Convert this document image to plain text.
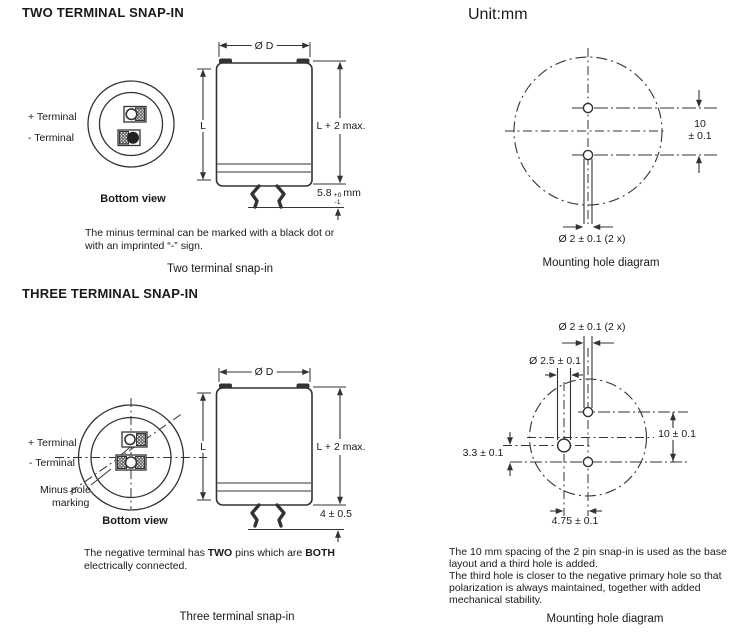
TWO TERMINAL SNAP-IN	Unit:mm
+ Terminal
- Terminal
Bottom view
Ø D
L	L + 2 max.
5.8 +0
-1
mm
The minus terminal can be marked with a black dot or
with an imprinted “-” sign.
Two terminal snap-in
10
± 0.1
Ø 2 ± 0.1 (2 x)
Mounting hole diagram
THREE TERMINAL SNAP-IN
+ Terminal
- Terminal
Minus pole
marking
Bottom view
Ø D
L	L + 2 max.
4 ± 0.5
The negative terminal has TWO pins which are BOTH
electrically connected.
Three terminal snap-in
Ø 2 ± 0.1 (2 x)
Ø 2.5 ± 0.1
10 ± 0.1
3.3 ± 0.1
4.75 ± 0.1
The 10 mm spacing of the 2 pin snap-in is used as the base
layout and a third hole is added.
The third hole is closer to the negative primary hole so that
polarization is always maintained, together with added
mechanical stability.
Mounting hole diagram
